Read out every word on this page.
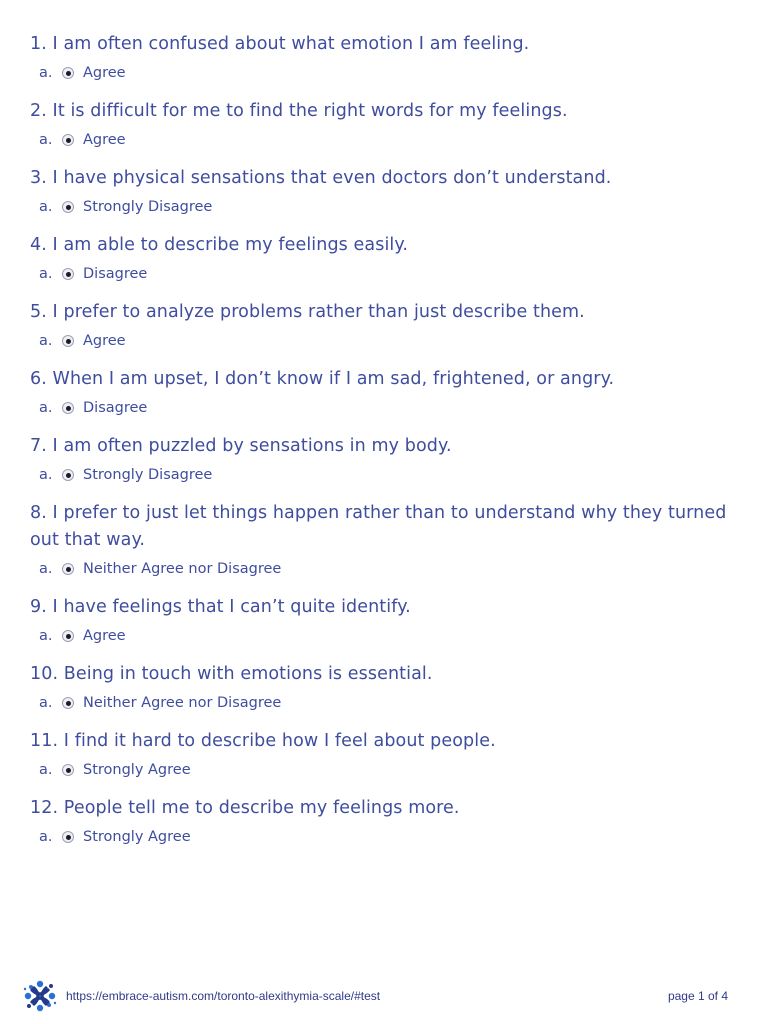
1. I am often confused about what emotion I am feeling.

a.	Agree

2. It is difficult for me to find the right words for my feelings.

a.	Agree

3. I have physical sensations that even doctors don’t understand.

a.	Strongly Disagree

4. I am able to describe my feelings easily.

a.	Disagree

5. I prefer to analyze problems rather than just describe them.

a.	Agree

6. When I am upset, I don’t know if I am sad, frightened, or angry.

a.	Disagree

7. I am often puzzled by sensations in my body.

a.	Strongly Disagree

8. I prefer to just let things happen rather than to understand why they turned out that way.

a.	Neither Agree nor Disagree

9. I have feelings that I can’t quite identify.

a.	Agree

10. Being in touch with emotions is essential.

a.	Neither Agree nor Disagree

11. I find it hard to describe how I feel about people.

a.	Strongly Agree

12. People tell me to describe my feelings more.

a.	Strongly Agree
https://embrace-autism.com/toronto-alexithymia-scale/#test	page 1 of 4
